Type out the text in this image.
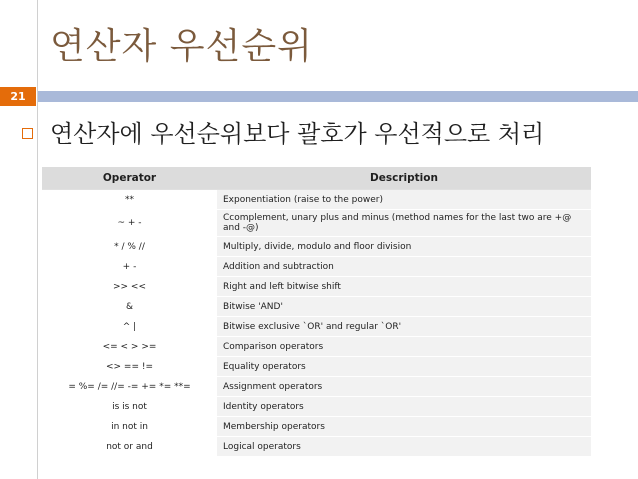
연산자 우선순위
21
연산자에 우선순위보다 괄호가 우선적으로 처리
Operator	Description
**	Exponentiation (raise to the power)
~ + -	Ccomplement, unary plus and minus (method names for the last two are +@ and -@)
* / % //	Multiply, divide, modulo and floor division
+ -	Addition and subtraction
>> <<	Right and left bitwise shift
&	Bitwise 'AND'
^ |	Bitwise exclusive `OR' and regular `OR'
<= < > >=	Comparison operators
<> == !=	Equality operators
= %= /= //= -= += *= **=	Assignment operators
is is not	Identity operators
in not in	Membership operators
not or and	Logical operators
